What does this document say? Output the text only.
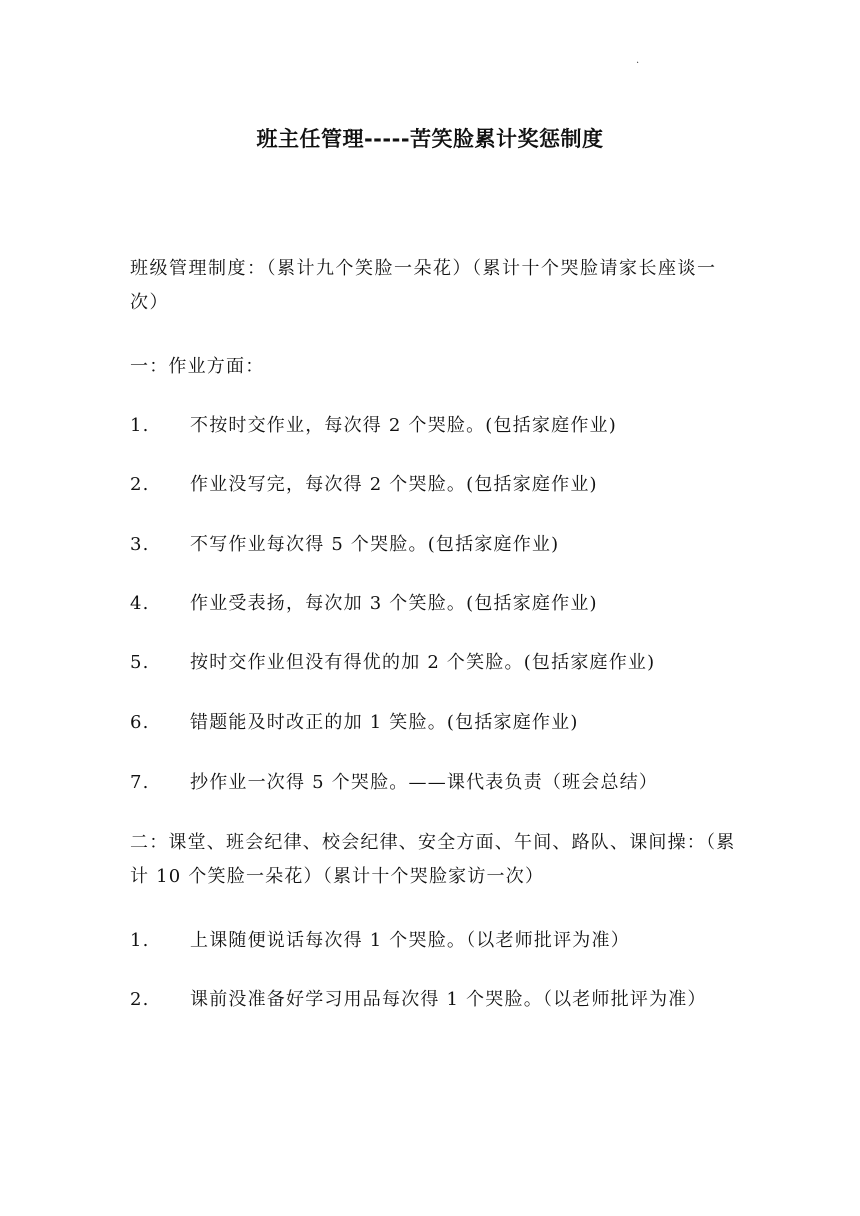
.
班主任管理-----苦笑脸累计奖惩制度
班级管理制度：（累计九个笑脸一朵花）（累计十个哭脸请家长座谈一次）
一：作业方面：
1. 不按时交作业，每次得 2 个哭脸。(包括家庭作业)
2. 作业没写完，每次得 2 个哭脸。(包括家庭作业)
3. 不写作业每次得 5 个哭脸。(包括家庭作业)
4. 作业受表扬，每次加 3 个笑脸。(包括家庭作业)
5. 按时交作业但没有得优的加 2 个笑脸。(包括家庭作业)
6. 错题能及时改正的加 1 笑脸。(包括家庭作业)
7. 抄作业一次得 5 个哭脸。——课代表负责（班会总结）
二：课堂、班会纪律、校会纪律、安全方面、午间、路队、课间操：（累计 10 个笑脸一朵花）（累计十个哭脸家访一次）
1. 上课随便说话每次得 1 个哭脸。（以老师批评为准）
2. 课前没准备好学习用品每次得 1 个哭脸。（以老师批评为准）
